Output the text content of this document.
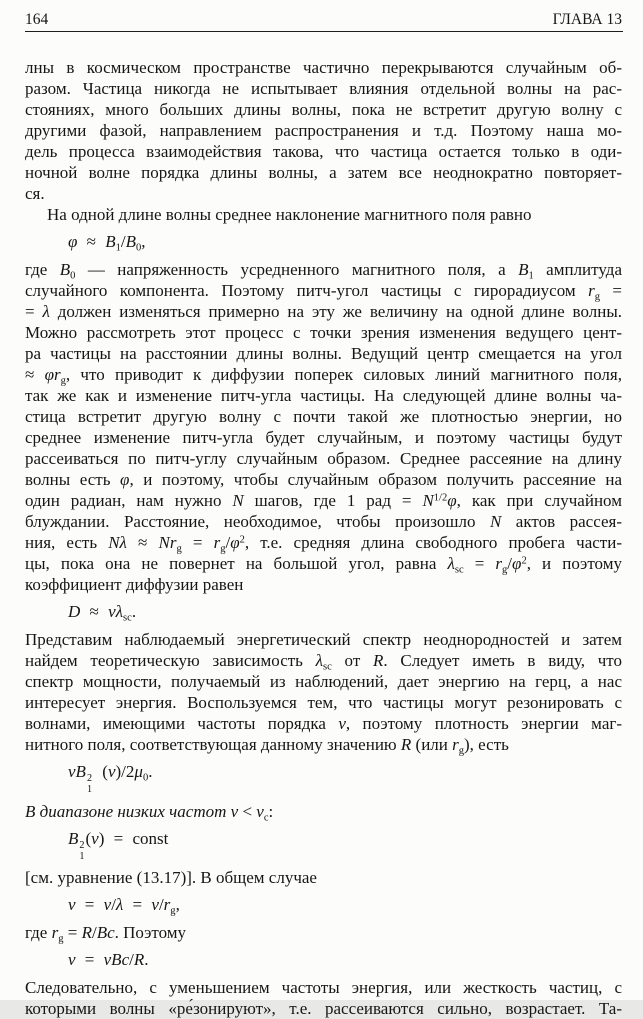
164	ГЛАВА 13
лны в космическом пространстве частично перекрываются случайным об-
разом. Частица никогда не испытывает влияния отдельной волны на рас-
стояниях, много больших длины волны, пока не встретит другую волну с
другими фазой, направлением распространения и т.д. Поэтому наша мо-
дель процесса взаимодействия такова, что частица остается только в оди-
ночной волне порядка длины волны, а затем все неоднократно повторяет-
ся.
На одной длине волны среднее наклонение магнитного поля равно
$\varphi \approx B_1/B_0$,
где $B_0$ — напряженность усредненного магнитного поля, а $B_1$ амплитуда
случайного компонента. Поэтому питч-угол частицы с гирорадиусом $r_g$ =
= λ должен изменяться примерно на эту же величину на одной длине волны.
Можно рассмотреть этот процесс с точки зрения изменения ведущего цент-
ра частицы на расстоянии длины волны. Ведущий центр смещается на угол
≈ $\varphi r_g$, что приводит к диффузии поперек силовых линий магнитного поля,
так же как и изменение питч-угла частицы. На следующей длине волны ча-
стица встретит другую волну с почти такой же плотностью энергии, но
среднее изменение питч-угла будет случайным, и поэтому частицы будут
рассеиваться по питч-углу случайным образом. Среднее рассеяние на длину
волны есть φ, и поэтому, чтобы случайным образом получить рассеяние на
один радиан, нам нужно N шагов, где 1 рад = $N^{1/2}\varphi$, как при случайном
блуждании. Расстояние, необходимое, чтобы произошло N актов рассея-
ния, есть $N\lambda \approx Nr_g = r_g/\varphi^2$, т.е. средняя длина свободного пробега части-
цы, пока она не повернет на большой угол, равна $\lambda_{sc} = r_g/\varphi^2$, и поэтому
коэффициент диффузии равен
$D \approx v\lambda_{sc}$.
Представим наблюдаемый энергетический спектр неоднородностей и затем
найдем теоретическую зависимость $\lambda_{sc}$ от R. Следует иметь в виду, что
спектр мощности, получаемый из наблюдений, дает энергию на герц, а нас
интересует энергия. Воспользуемся тем, что частицы могут резонировать с
волнами, имеющими частоты порядка ν, поэтому плотность энергии маг-
нитного поля, соответствующая данному значению R (или $r_g$), есть
νB 2
1
$(\nu)/2\mu_0$.
В диапазоне низких частот $\nu < \nu_c$:
B 2
1
(ν) = const
[см. уравнение (13.17)]. В общем случае
$\nu = v/\lambda = v/r_g$,
где $r_g = R/Bc$. Поэтому
ν = vBc/R.
Следовательно, с уменьшением частоты энергия, или жесткость частиц, с
которыми волны «ре́зонируют», т.е. рассеиваются сильно, возрастает. Та-
